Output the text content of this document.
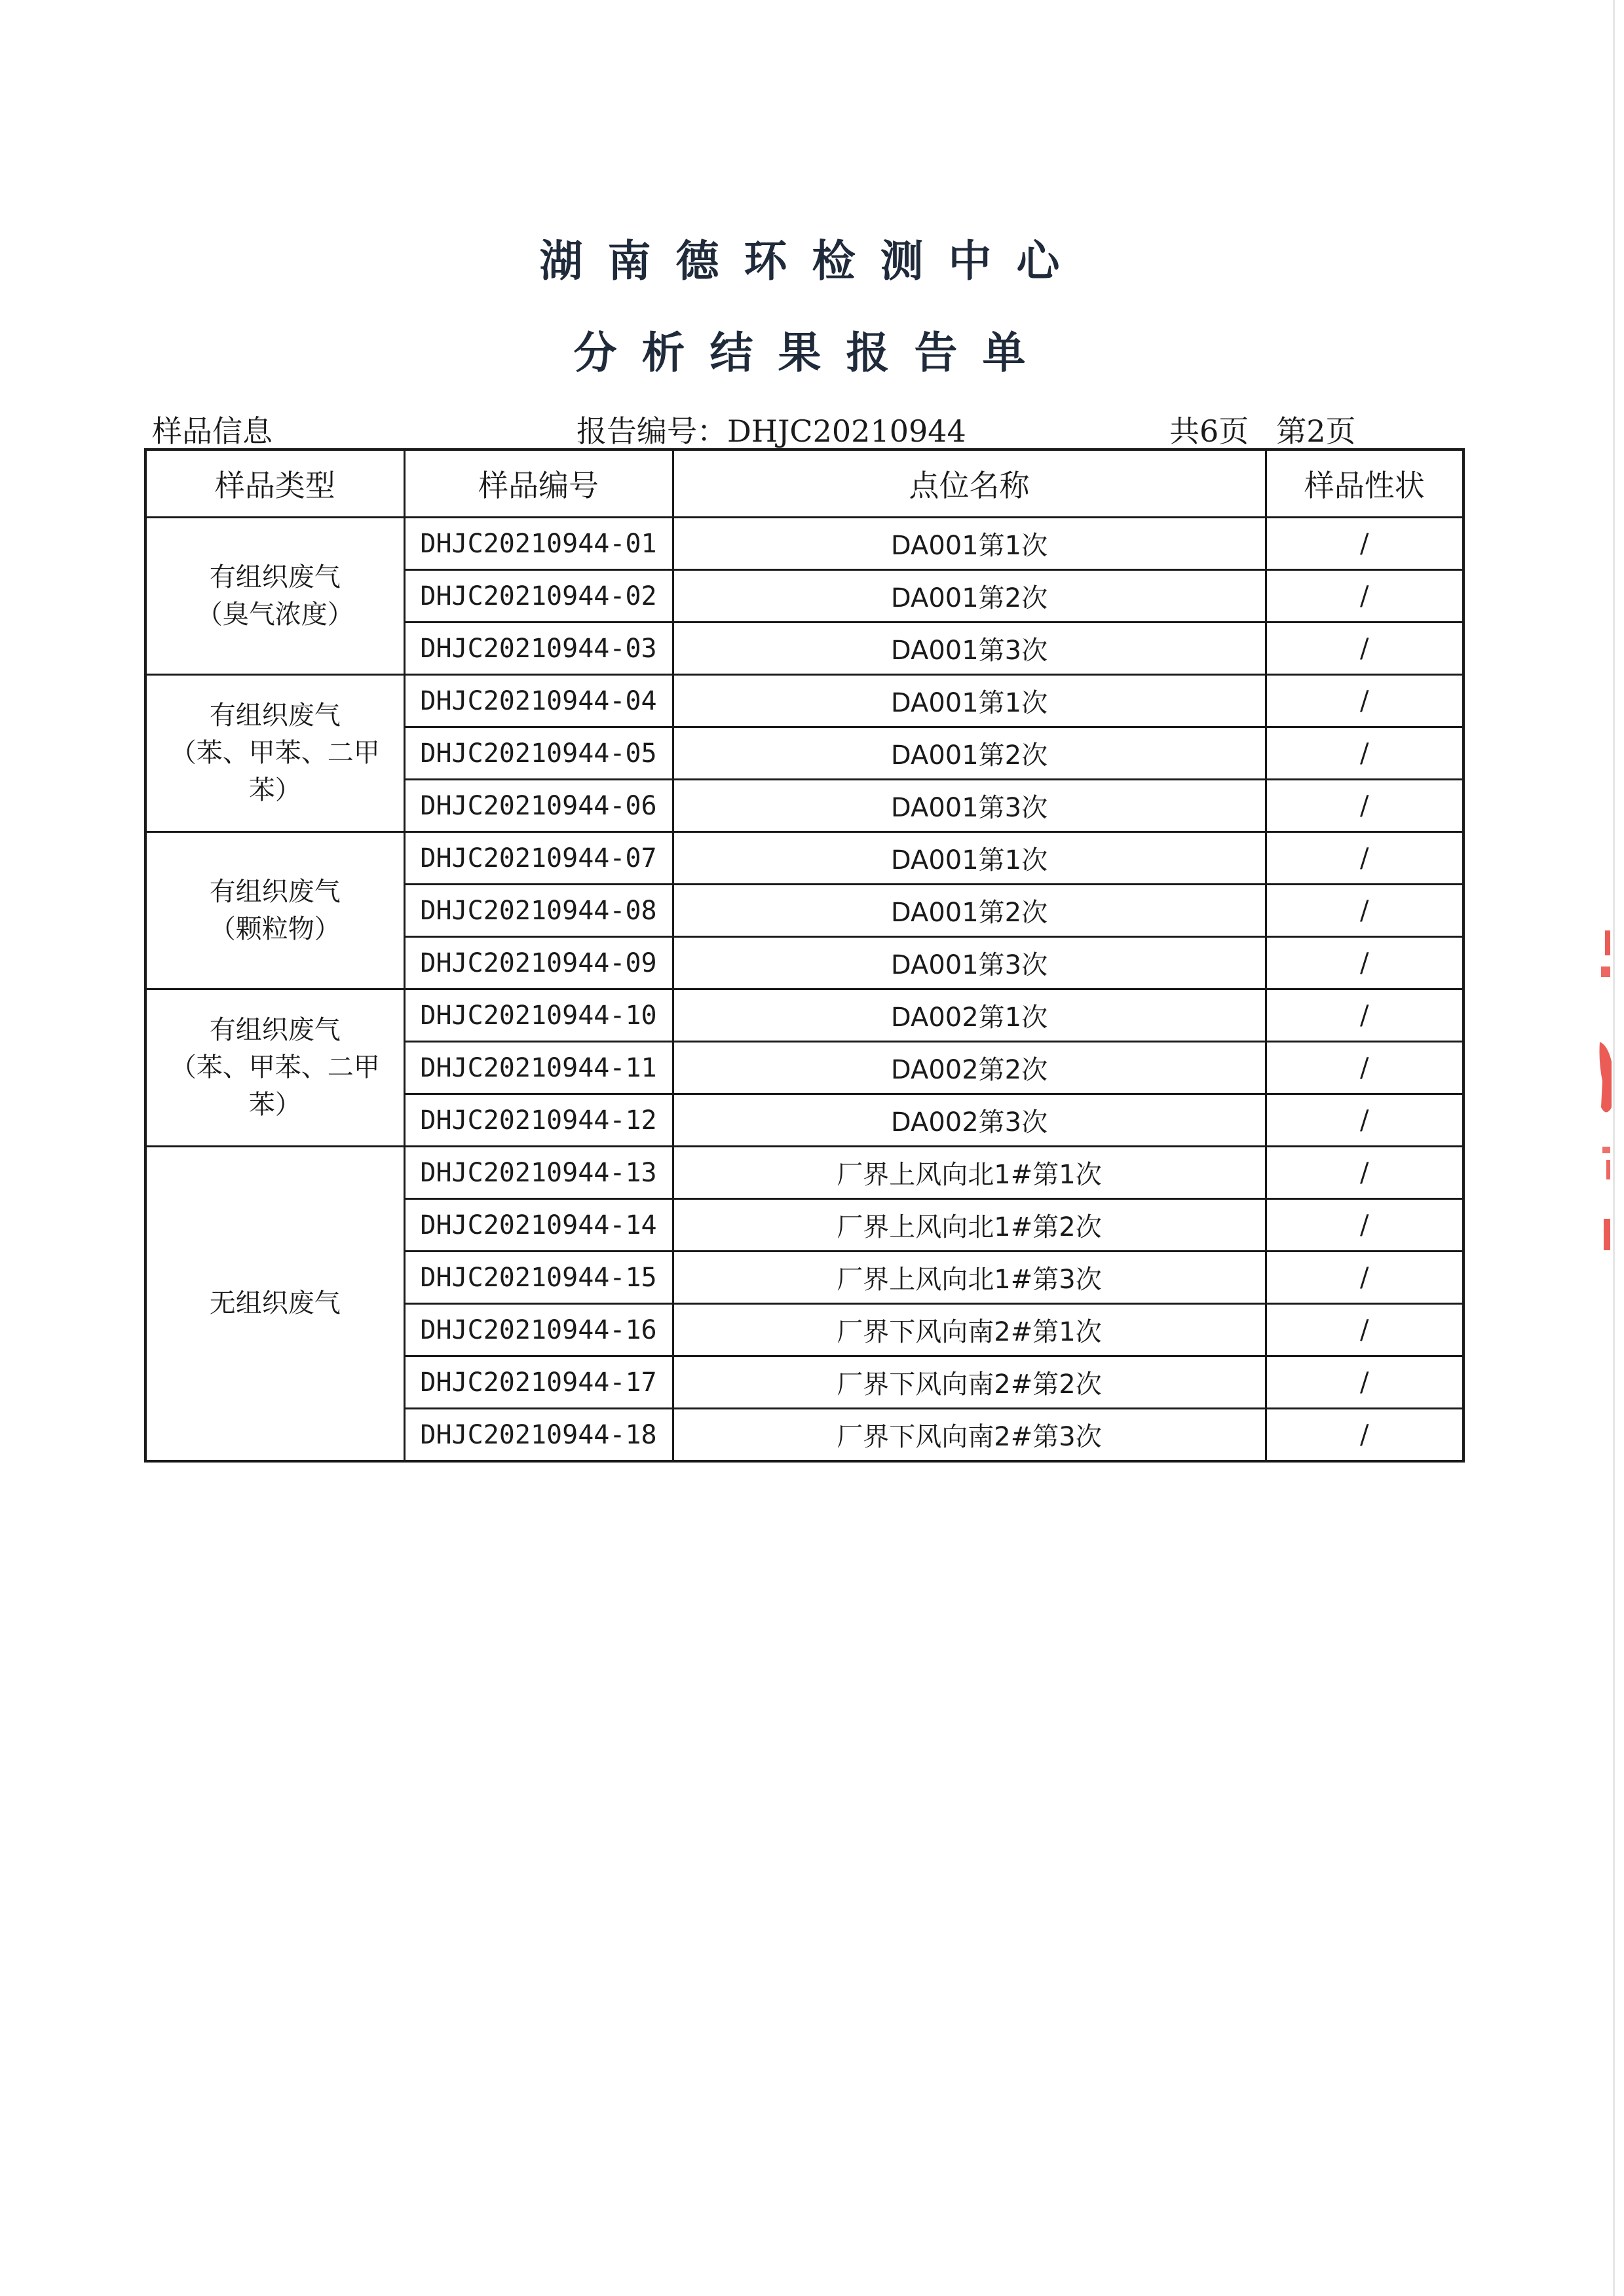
湖南德环检测中心
分析结果报告单
样品信息	报告编号：DHJC20210944	共6页 第2页
样品类型	样品编号	点位名称	样品性状

有组织废气
（臭气浓度）	DHJC20210944-01	DA001第1次	/
	DHJC20210944-02	DA001第2次	/
	DHJC20210944-03	DA001第3次	/

有组织废气
（苯、甲苯、二甲
苯）	DHJC20210944-04	DA001第1次	/
	DHJC20210944-05	DA001第2次	/
	DHJC20210944-06	DA001第3次	/

有组织废气
（颗粒物）	DHJC20210944-07	DA001第1次	/
	DHJC20210944-08	DA001第2次	/
	DHJC20210944-09	DA001第3次	/

有组织废气
（苯、甲苯、二甲
苯）	DHJC20210944-10	DA002第1次	/
	DHJC20210944-11	DA002第2次	/
	DHJC20210944-12	DA002第3次	/

无组织废气	DHJC20210944-13	厂界上风向北1#第1次	/
	DHJC20210944-14	厂界上风向北1#第2次	/
	DHJC20210944-15	厂界上风向北1#第3次	/
	DHJC20210944-16	厂界下风向南2#第1次	/
	DHJC20210944-17	厂界下风向南2#第2次	/
	DHJC20210944-18	厂界下风向南2#第3次	/
